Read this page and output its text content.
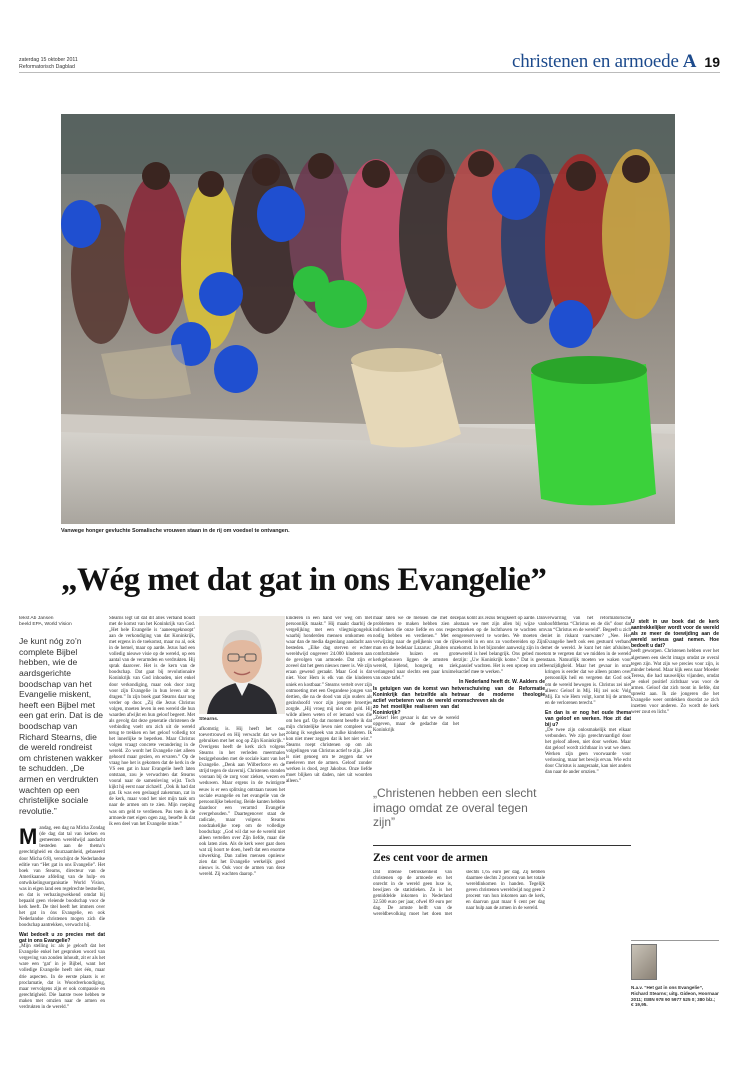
zaterdag 15 oktober 2011
Reformatorisch Dagblad	christenen en armoede A 19
Vanwege honger gevluchte Somalische vrouwen staan in de rij om voedsel te ontvangen.
„Wég met dat gat in ons Evangelie”
tekst Ab Jansen
beeld EPA, World Vision

Je kunt nóg zo’n complete Bijbel hebben, wie de aardsgerichte boodschap van het Evangelie miskent, heeft een Bijbel met een gat erin. Dat is de boodschap van Richard Stearns, die de wereld rondreist om christenen wakker te schudden. „De armen en verdrukten wachten op een christelijke sociale revolutie.”

Mandag, een dag na Micha Zondag (de dag dat tal van kerken en gemeenten wereldwijd aandacht besteden aan de thema’s gerechtigheid en duurzaamheid, gebaseerd door Micha 6:8), verschijnt de Nederlandse editie van “Het gat in ons Evangelie”. Het boek van Stearns, directeur van de Amerikaanse afdeling van de hulp- en ontwikkelingsorganisatie World Vision, was in eigen land een regelrechte bestseller, en dat is verbazingwekkend omdat bij bepaald geen vleiende boodschap voor de kerk heeft. De titel heeft het immers over het gat in óns Evangelie, en ook Nederlandse christenen mogen zich die boodschap aantrekken, verwacht hij.

Wat bedoelt u zo precies met dat gat in ons Evangelie?

„Mijn stelling is: als je gelooft dat het Evangelie enkel het gesproken woord van vergeving van zonden inhoudt, zit er als het ware een ‘gat’ in je Bijbel, want het volledige Evangelie heeft niet één, maar drie aspecten. In de eerste plaats is er proclamatie, dat is Woordverkondiging, maar vervolgens zijn er ook compassie en gerechtigheid. Die laatste twee hebben te maken met omzien naar de armen en verdrukten in de wereld.”

Stearns legt uit dat dit alles verband houdt met de komst van het Koninkrijk van God. „Het hele Evangelie is ‘aaneengeknoopt’ aan de verkondiging van dat Koninkrijk, met ergens in de toekomst, maar nu al, ook in de hemel, maar op aarde. Jezus had een volledig nieuwe visie op de wereld, op een aantal van de verarmden en verdrukten. Hij sprak daarover. Het is de kern van de boodschap. Dat gaat bij revolutionaire Koninkrijk van God inhouden, niet enkel door verkondiging, maar ook door zorg voor zijn Evangelie in hun leven uit te dragen.” In zijn boek gaat Stearns daar nog verder op door. „Zij die Jezus Christus volgen, moeten leven in een wereld die hun waarden afwijkt en hun geloof begeert. Met als gevolg dat deze generatie christenen de verbinding voelt om zich uit de wereld terug te trekken en het geloof volledig tot het innerlijke te beperken. Maar Christus volgen vraagt concrete verandering in de wereld. Zo wordt het Evangelie niet alleen gehoord maar gezien, en ervaren.” Op de vraag hoe het is gekomen dat de kerk in de VS een gat in haar Evangelie heeft laten ontstaan, zou je verwachten dat Stearns vooral naar de samenleving wijst. Toch kijkt hij eerst naar zichzelf. „Ook ik had dat gat. Ik was een geslaagd zakenman, zat in de kerk, maar vond het niet mijn taak om naar de armen om te zien. Mijn roeping was om geld te verdienen. Pas toen ik de armoede met eigen ogen zag, besefte ik dat ik een deel van het Evangelie miste.”

Stearns.

afkomstig is. Hij heeft het ons toevertrouwd en Hij verwacht dat we het gebruiken met het oog op Zijn Koninkrijk.” Overigens heeft de kerk zich volgens Stearns in het verleden meermalen beziggehouden met de sociale kant van het Evangelie. „Denk aan Wilberforce en de strijd tegen de slavernij. Christenen stonden vooraan bij de zorg voor zieken, wezen en weduwen. Maar ergens in de twintigste eeuw is er een splitsing ontstaan tussen het sociale evangelie en het evangelie van de persoonlijke bekering. Beide kanten hebben daardoor een verarmd Evangelie overgehouden.” Daartegenover staat de radicale, maar volgens Stearns noodzakelijke roep om de volledige boodschap: „God wil dat we de wereld niet alleen vertellen over Zijn liefde, maar die ook laten zien. Als de kerk weer gaat doen wat zij hoort te doen, heeft dat een enorme uitwerking. Dan zullen mensen opnieuw zien dat het Evangelie werkelijk goed nieuws is. Ook voor de armen van deze wereld. Zij wachten daarop.”

kinderen in een hand ver weg om met persoonlijk maakt.” Hij maakt daarbij de vergelijking met een vliegtuigongeluk waarbij honderden mensen omkomen en waar dan de media dagenlang aandacht aan besteden. „Elke dag sterven er echter wereldwijd ongeveer 24.000 kinderen aan de gevolgen van armoede. Dat zijn er zoveel dat het geen nieuws meer is. We zijn eraan gewend geraakt. Maar God is dat niet. Voor Hem is elk van die kinderen uniek en kostbaar.” Stearns vertelt over zijn ontmoeting met een Oegandese jongen van dertien, die na de dood van zijn ouders als gezinshoofd voor zijn jongere broertjes zorgde. „Hij vroeg mij niet om geld. Hij wilde alleen weten of er iemand was die om hen gaf. Op dat moment besefte ik dat mijn christelijke leven niet compleet was zolang ik wegkeek van zulke kinderen. Ik kon niet meer zeggen dat ik het niet wist.” Stearns roept christenen op om als volgelingen van Christus actief te zijn. „Het is niet genoeg om te zeggen dat we meeleven met de armen. Geloof zonder werken is dood, zegt Jakobus. Onze liefde moet blijken uit daden, niet uit woorden alleen.”

maar laten we de mensen die met deze problemen te maken hebben zien als individuen die onze liefde en ons respect nodig hebben en verdienen.” Met een verwijzing naar de gelijkenis van de rijke man en de bedelaar Lazarus: „Buiten onze comfortabele huizen en grote kerkgebouwen liggen de armsten der wereld, lijdend, hongerig en ziek, verlangend naar slechts een paar kruimels van onze tafel.”

Is getuigen van de komst van het Koninkrijk dan hetzelfde als het actief verbeteren van de wereld en zo het moeilijke realiseren van dat Koninkrijk?

„Zeker! Het gevaar is dat we de wereld opgeven, maar de gedachte dat het Koninkrijk

pas komt als Jezus terugkeert op aarde. Dan staan we met zijn allen bij wijze van spreken op de luchthaven te wachten om gereserveerd te worden. We moeten de wereld in en ons zo voorbereiden op Zijn komst. In het bijzonder aanwezig zijn in de wereld is heel belangrijk. Ons gebed moet zijn: „Uw Koninkrijk kome.” Dat is geen passief wachten. Het is een oproep om zelf actief mee te werken.”

In Nederland heeft dr. W. Aalders de verschuiving van de Reformatie naar de moderne theologie omschreven als de

„Christenen hebben een slecht imago omdat ze overal tegen zijn”
Zes cent voor de armen

Dat intense betrokkenheid van christenen op de armoede en het onrecht in de wereld geen luxe is, bewijzen de statistieken. Zo is het gemiddelde inkomen in Nederland 32.500 euro per jaar, ofwel 89 euro per dag. De armste helft van de wereldbevolking moet het doen met slechts 1,65 euro per dag. Zij hebben daarmee slechts 2 procent van het totale wereldinkomen in handen. Tegelijk geven christenen wereldwijd nog geen 2 procent van hun inkomen aan de kerk, en daarvan gaat maar 6 cent per dag naar hulp aan de armen in de wereld.

verwarring van het reformatorische hoofdthema “Christus en de dis” door dat van “Christus en de wereld”. Begeeft u zich niet in riskant vaarwater? „Nee. Het Evangelie heeft ook een gestuurd verband met de wereld. Je kunt het niet afsluiten, om te vergeten dat we midden in de wereld staan. Natuurlijk moeten we waken voor eenzijdigheid. Maar het gevaar in onze kringen is eerder dat we alleen praten over persoonlijk heil en vergeten dat God ook om de wereld bewogen is. Christus zei niet alleen: Geloof in Mij. Hij zei ook: Volg Mij. En wie Hem volgt, komt bij de armen en de verlorenen terecht.”

En dan is er nog het oude thema van geloof en werken. Hoe zit dat bij u?

„De twee zijn onlosmakelijk met elkaar verbonden. We zijn gerechtvaardigd door het geloof alleen, niet door werken. Maar dat geloof wordt zichtbaar in wat we doen. Werken zijn geen voorwaarde voor verlossing, maar het bewijs ervan. Wie echt door Christus is aangeraakt, kan niet anders dan naar de ander omzien.”

U stelt in uw boek dat de kerk aantrekkelijker wordt voor de wereld als ze meer de toewijding aan de wereld serieus gaat nemen. Hoe bedoelt u dat?

heeft geworpen. Christenen hebben over het algemeen een slecht imago omdat ze overal tegen zijn. Wat zijn we precies voor zijn, is minder bekend. Maar kijk eens naar Moeder Teresa, die had nauwelijks vijanden, omdat ze enkel positief zichtbaar was voor de armen. Geloof dat zich toont in liefde, dat spreekt aan. Ik zie jongeren die het Evangelie weer ontdekken doordat ze zich inzetten voor anderen. Zo wordt de kerk weer zout en licht.”

N.a.v. “Het gat in ons Evangelie”, Richard Stearns; uitg. Gideon, Hoornaar 2011; ISBN 978 90 5977 525 0; 380 blz.; € 19,95.
